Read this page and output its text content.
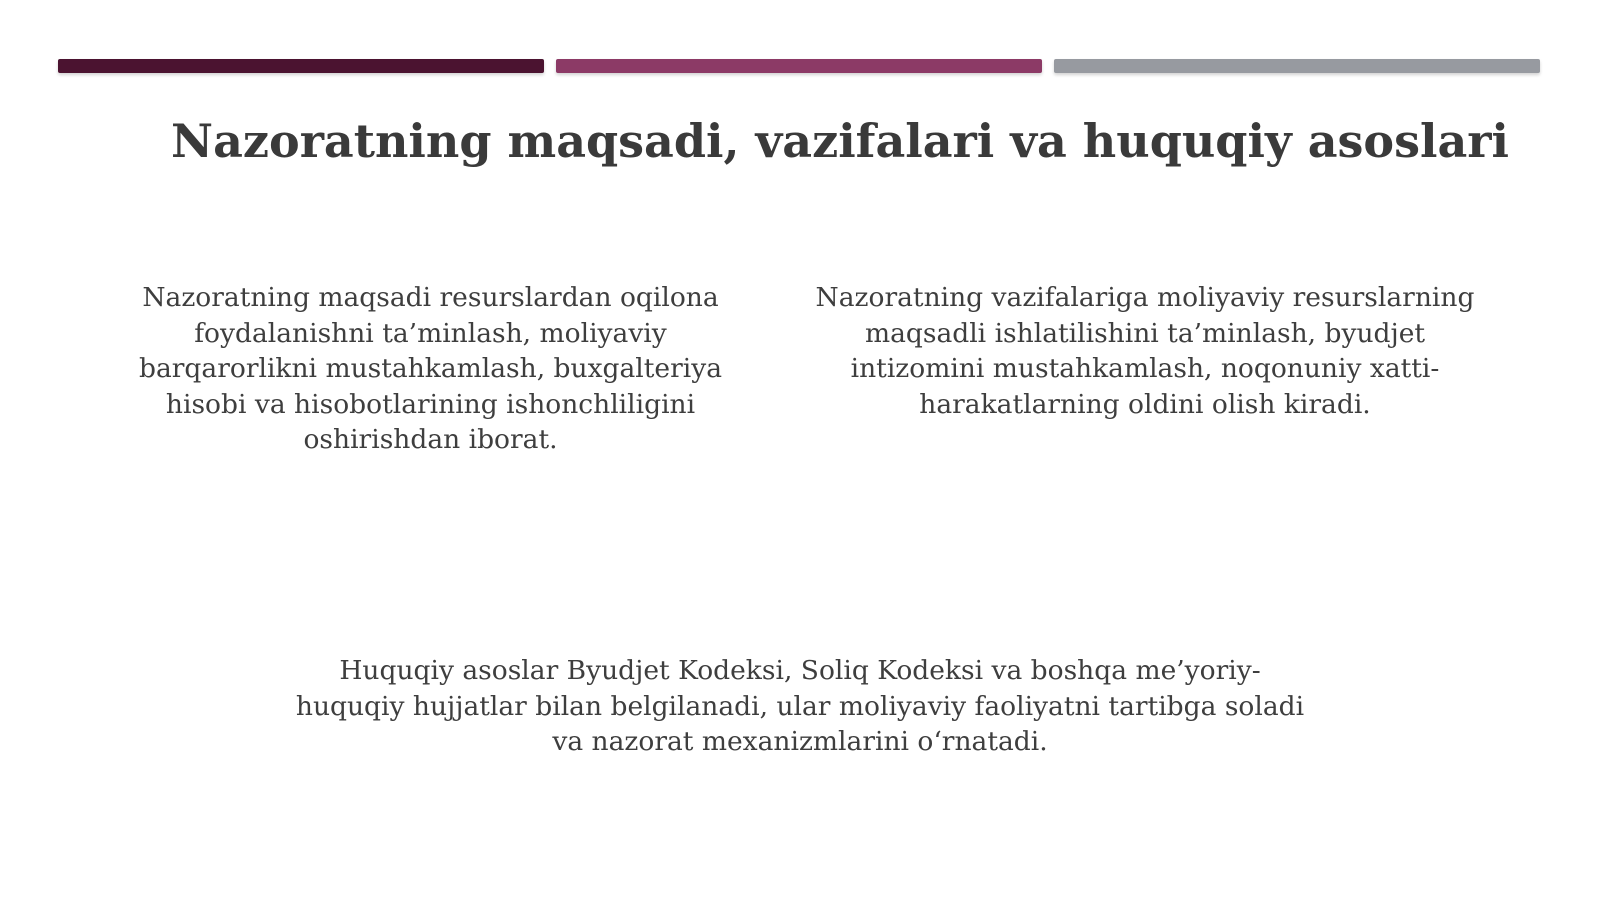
Nazoratning maqsadi, vazifalari va huquqiy asoslari
Nazoratning maqsadi resurslardan oqilona foydalanishni ta’minlash, moliyaviy barqarorlikni mustahkamlash, buxgalteriya hisobi va hisobotlarining ishonchliligini oshirishdan iborat.
Nazoratning vazifalariga moliyaviy resurslarning maqsadli ishlatilishini ta’minlash, byudjet intizomini mustahkamlash, noqonuniy xatti-harakatlarning oldini olish kiradi.
Huquqiy asoslar Byudjet Kodeksi, Soliq Kodeksi va boshqa me’yoriy-huquqiy hujjatlar bilan belgilanadi, ular moliyaviy faoliyatni tartibga soladi va nazorat mexanizmlarini o‘rnatadi.
